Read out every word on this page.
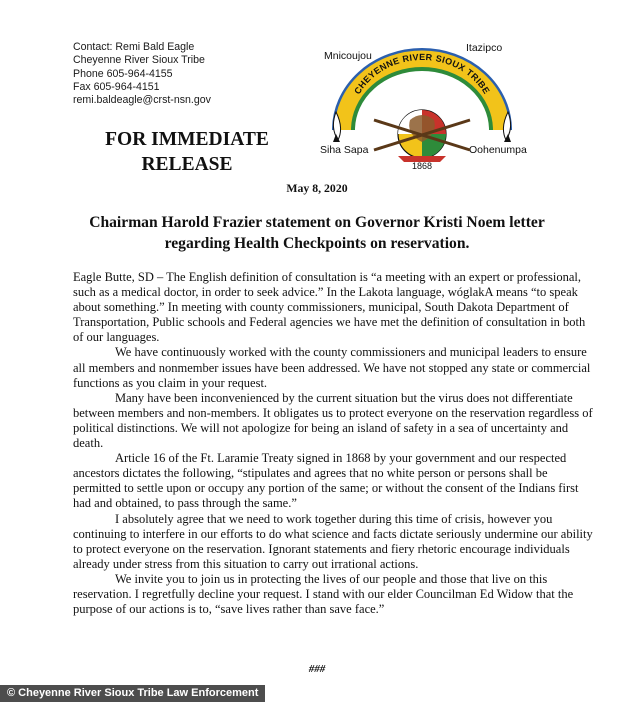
Contact: Remi Bald Eagle
Cheyenne River Sioux Tribe
Phone 605-964-4155
Fax 605-964-4151
remi.baldeagle@crst-nsn.gov
FOR IMMEDIATE
RELEASE
Mnicoujou
Itazipco
Siha Sapa	Oohenumpa
CHEYENNE RIVER SIOUX TRIBE
1868
May 8, 2020
Chairman Harold Frazier statement on Governor Kristi Noem letter
regarding Health Checkpoints on reservation.

Eagle Butte, SD – The English definition of consultation is “a meeting with an expert or professional, such as a medical doctor, in order to seek advice.” In the Lakota language, wóglakA means “to speak about something.” In meeting with county commissioners, municipal, South Dakota Department of Transportation, Public schools and Federal agencies we have met the definition of consultation in both of our languages.

We have continuously worked with the county commissioners and municipal leaders to ensure all members and nonmember issues have been addressed. We have not stopped any state or commercial functions as you claim in your request.

Many have been inconvenienced by the current situation but the virus does not differentiate between members and non-members. It obligates us to protect everyone on the reservation regardless of political distinctions. We will not apologize for being an island of safety in a sea of uncertainty and death.

Article 16 of the Ft. Laramie Treaty signed in 1868 by your government and our respected ancestors dictates the following, “stipulates and agrees that no white person or persons shall be permitted to settle upon or occupy any portion of the same; or without the consent of the Indians first had and obtained, to pass through the same.”

I absolutely agree that we need to work together during this time of crisis, however you continuing to interfere in our efforts to do what science and facts dictate seriously undermine our ability to protect everyone on the reservation. Ignorant statements and fiery rhetoric encourage individuals already under stress from this situation to carry out irrational actions.

We invite you to join us in protecting the lives of our people and those that live on this reservation. I regretfully decline your request. I stand with our elder Councilman Ed Widow that the purpose of our actions is to, “save lives rather than save face.”

###
© Cheyenne River Sioux Tribe Law Enforcement
